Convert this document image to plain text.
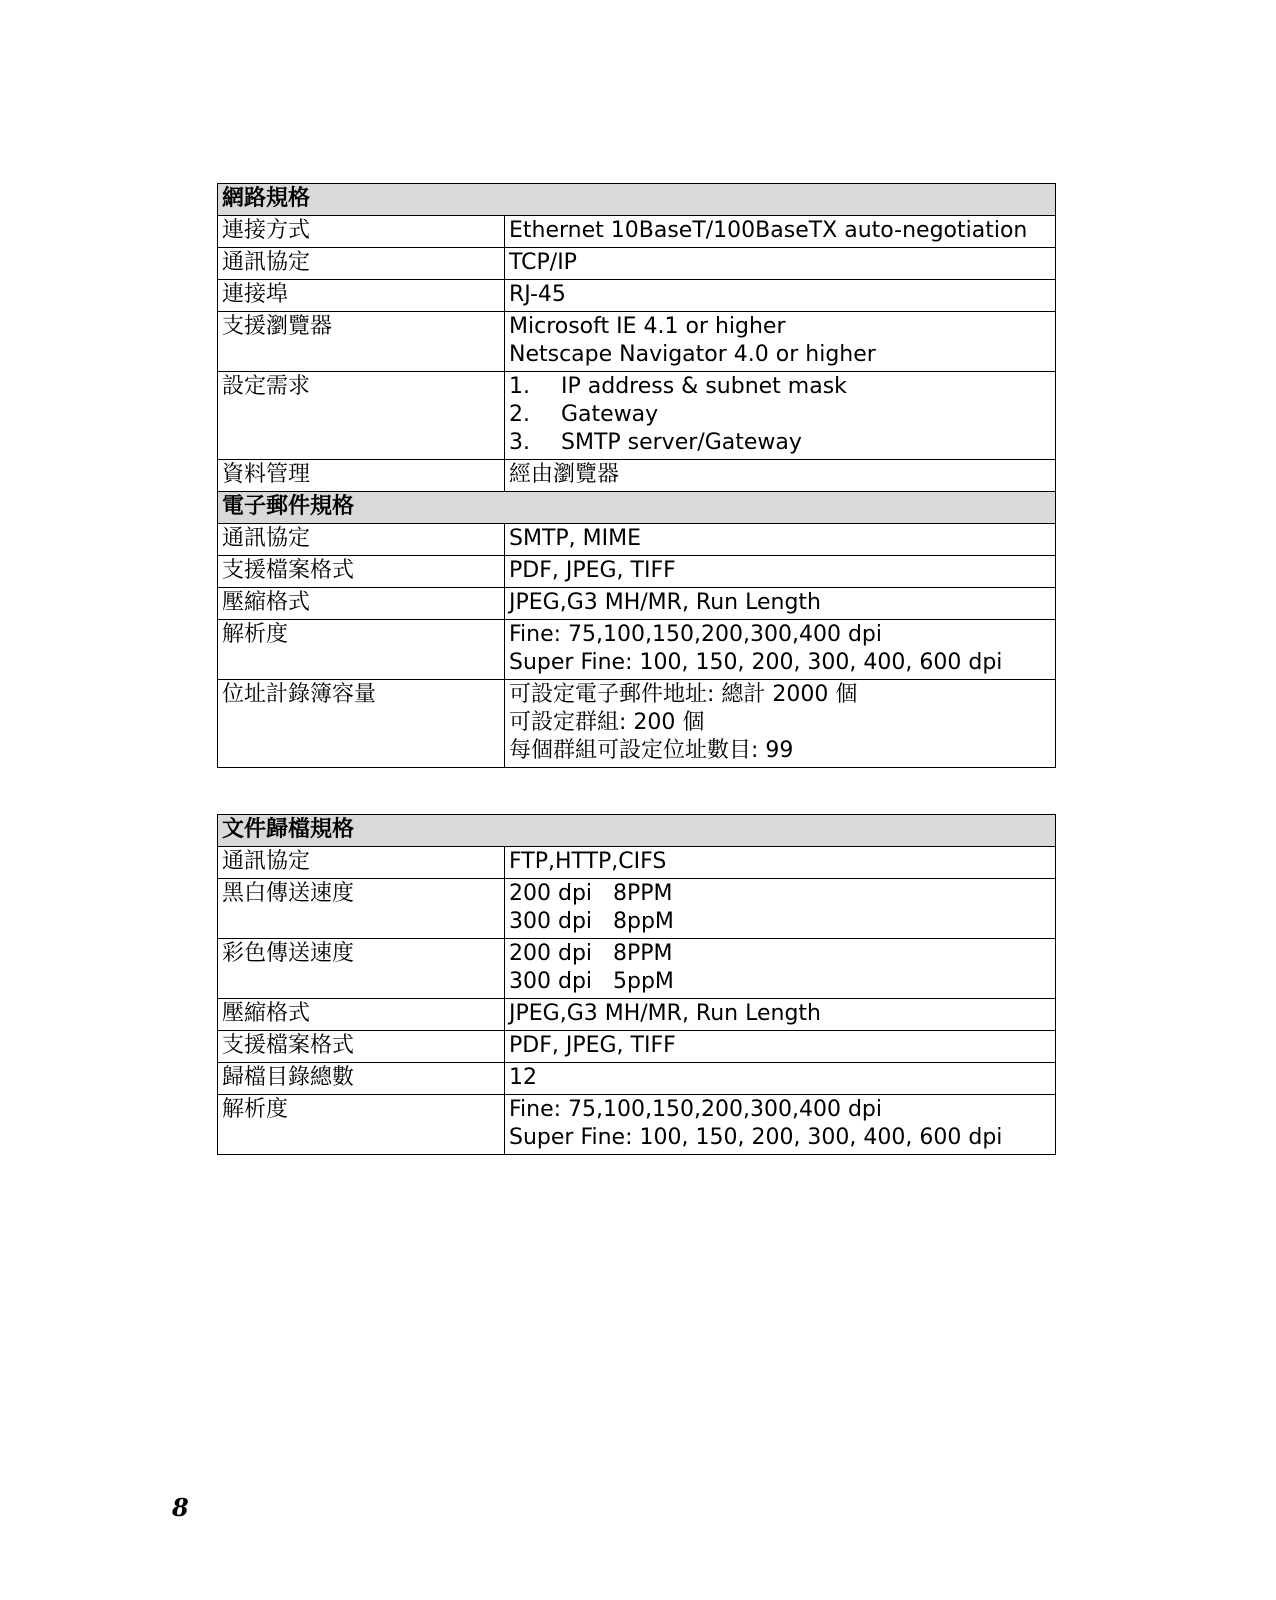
網路規格	
連接方式	Ethernet 10BaseT/100BaseTX auto-negotiation
通訊協定	TCP/IP
連接埠	RJ-45
支援瀏覽器	Microsoft IE 4.1 or higher
Netscape Navigator 4.0 or higher

設定需求	1. IP address & subnet mask
2. Gateway
3. SMTP server/Gateway

資料管理	經由瀏覽器
電子郵件規格	
通訊協定	SMTP, MIME
支援檔案格式	PDF, JPEG, TIFF
壓縮格式	JPEG,G3 MH/MR, Run Length
解析度	Fine: 75,100,150,200,300,400 dpi
Super Fine: 100, 150, 200, 300, 400, 600 dpi

位址計錄簿容量	可設定電子郵件地址: 總計 2000 個
可設定群組: 200 個
每個群組可設定位址數目: 99
文件歸檔規格	
通訊協定	FTP,HTTP,CIFS
黑白傳送速度	200 dpi   8PPM
300 dpi   8ppM

彩色傳送速度	200 dpi   8PPM
300 dpi   5ppM

壓縮格式	JPEG,G3 MH/MR, Run Length
支援檔案格式	PDF, JPEG, TIFF
歸檔目錄總數	12
解析度	Fine: 75,100,150,200,300,400 dpi
Super Fine: 100, 150, 200, 300, 400, 600 dpi
8
